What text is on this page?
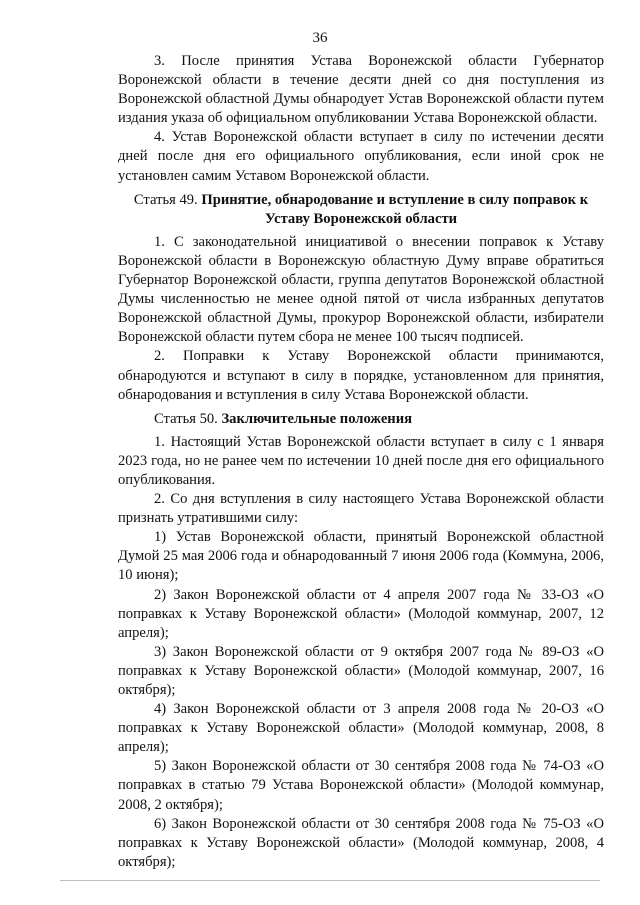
36

3. После принятия Устава Воронежской области Губернатор Воронежской области в течение десяти дней со дня поступления из Воронежской областной Думы обнародует Устав Воронежской области путем издания указа об официальном опубликовании Устава Воронежской области.

4. Устав Воронежской области вступает в силу по истечении десяти дней после дня его официального опубликования, если иной срок не установлен самим Уставом Воронежской области.

Статья 49. Принятие, обнародование и вступление в силу поправок к Уставу Воронежской области

1. С законодательной инициативой о внесении поправок к Уставу Воронежской области в Воронежскую областную Думу вправе обратиться Губернатор Воронежской области, группа депутатов Воронежской областной Думы численностью не менее одной пятой от числа избранных депутатов Воронежской областной Думы, прокурор Воронежской области, избиратели Воронежской области путем сбора не менее 100 тысяч подписей.

2. Поправки к Уставу Воронежской области принимаются, обнародуются и вступают в силу в порядке, установленном для принятия, обнародования и вступления в силу Устава Воронежской области.

Статья 50. Заключительные положения

1. Настоящий Устав Воронежской области вступает в силу с 1 января 2023 года, но не ранее чем по истечении 10 дней после дня его официального опубликования.

2. Со дня вступления в силу настоящего Устава Воронежской области признать утратившими силу:

1) Устав Воронежской области, принятый Воронежской областной Думой 25 мая 2006 года и обнародованный 7 июня 2006 года (Коммуна, 2006, 10 июня);

2) Закон Воронежской области от 4 апреля 2007 года № 33-ОЗ «О поправках к Уставу Воронежской области» (Молодой коммунар, 2007, 12 апреля);

3) Закон Воронежской области от 9 октября 2007 года № 89-ОЗ «О поправках к Уставу Воронежской области» (Молодой коммунар, 2007, 16 октября);

4) Закон Воронежской области от 3 апреля 2008 года № 20-ОЗ «О поправках к Уставу Воронежской области» (Молодой коммунар, 2008, 8 апреля);

5) Закон Воронежской области от 30 сентября 2008 года № 74-ОЗ «О поправках в статью 79 Устава Воронежской области» (Молодой коммунар, 2008, 2 октября);

6) Закон Воронежской области от 30 сентября 2008 года № 75-ОЗ «О поправках к Уставу Воронежской области» (Молодой коммунар, 2008, 4 октября);
